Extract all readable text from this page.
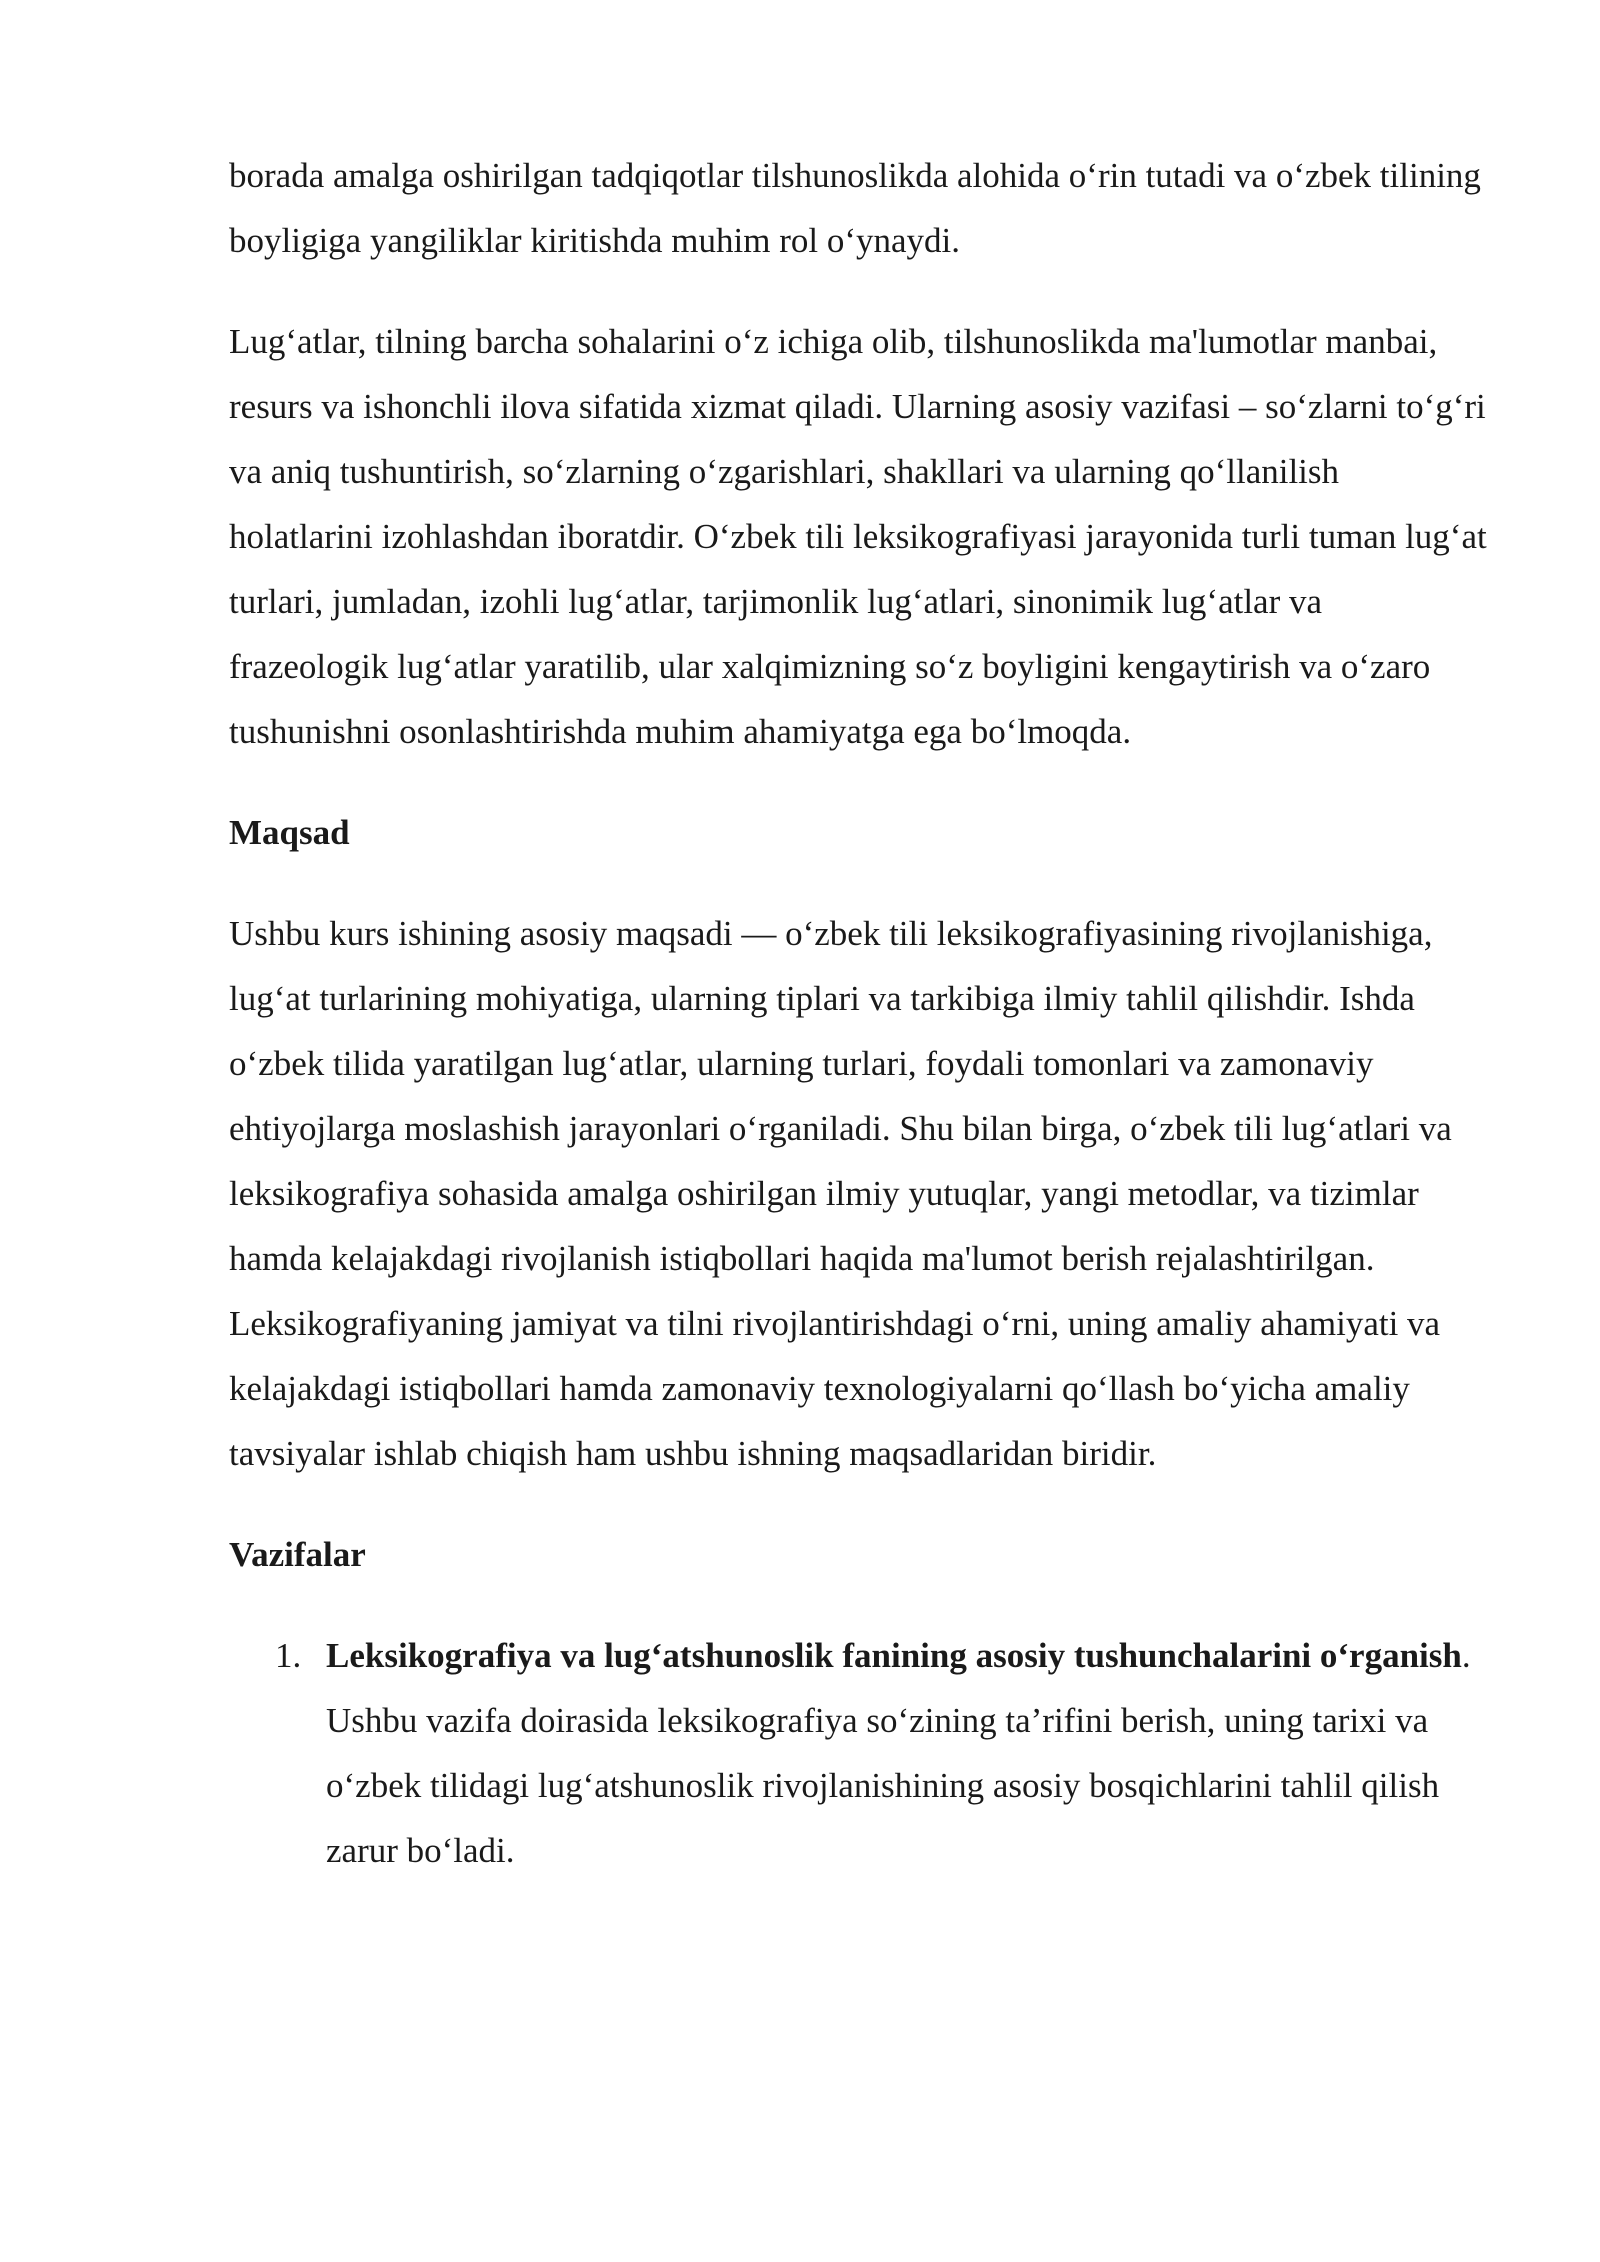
borada amalga oshirilgan tadqiqotlar tilshunoslikda alohida o‘rin tutadi va o‘zbek tilining boyligiga yangiliklar kiritishda muhim rol o‘ynaydi.

Lug‘atlar, tilning barcha sohalarini o‘z ichiga olib, tilshunoslikda ma'lumotlar manbai, resurs va ishonchli ilova sifatida xizmat qiladi. Ularning asosiy vazifasi – so‘zlarni to‘g‘ri va aniq tushuntirish, so‘zlarning o‘zgarishlari, shakllari va ularning qo‘llanilish holatlarini izohlashdan iboratdir. O‘zbek tili leksikografiyasi jarayonida turli tuman lug‘at turlari, jumladan, izohli lug‘atlar, tarjimonlik lug‘atlari, sinonimik lug‘atlar va frazeologik lug‘atlar yaratilib, ular xalqimizning so‘z boyligini kengaytirish va o‘zaro tushunishni osonlashtirishda muhim ahamiyatga ega bo‘lmoqda.

Maqsad

Ushbu kurs ishining asosiy maqsadi — o‘zbek tili leksikografiyasining rivojlanishiga, lug‘at turlarining mohiyatiga, ularning tiplari va tarkibiga ilmiy tahlil qilishdir. Ishda o‘zbek tilida yaratilgan lug‘atlar, ularning turlari, foydali tomonlari va zamonaviy ehtiyojlarga moslashish jarayonlari o‘rganiladi. Shu bilan birga, o‘zbek tili lug‘atlari va leksikografiya sohasida amalga oshirilgan ilmiy yutuqlar, yangi metodlar, va tizimlar hamda kelajakdagi rivojlanish istiqbollari haqida ma'lumot berish rejalashtirilgan. Leksikografiyaning jamiyat va tilni rivojlantirishdagi o‘rni, uning amaliy ahamiyati va kelajakdagi istiqbollari hamda zamonaviy texnologiyalarni qo‘llash bo‘yicha amaliy tavsiyalar ishlab chiqish ham ushbu ishning maqsadlaridan biridir.

Vazifalar

1. Leksikografiya va lug‘atshunoslik fanining asosiy tushunchalarini o‘rganish. Ushbu vazifa doirasida leksikografiya so‘zining ta’rifini berish, uning tarixi va o‘zbek tilidagi lug‘atshunoslik rivojlanishining asosiy bosqichlarini tahlil qilish zarur bo‘ladi.
